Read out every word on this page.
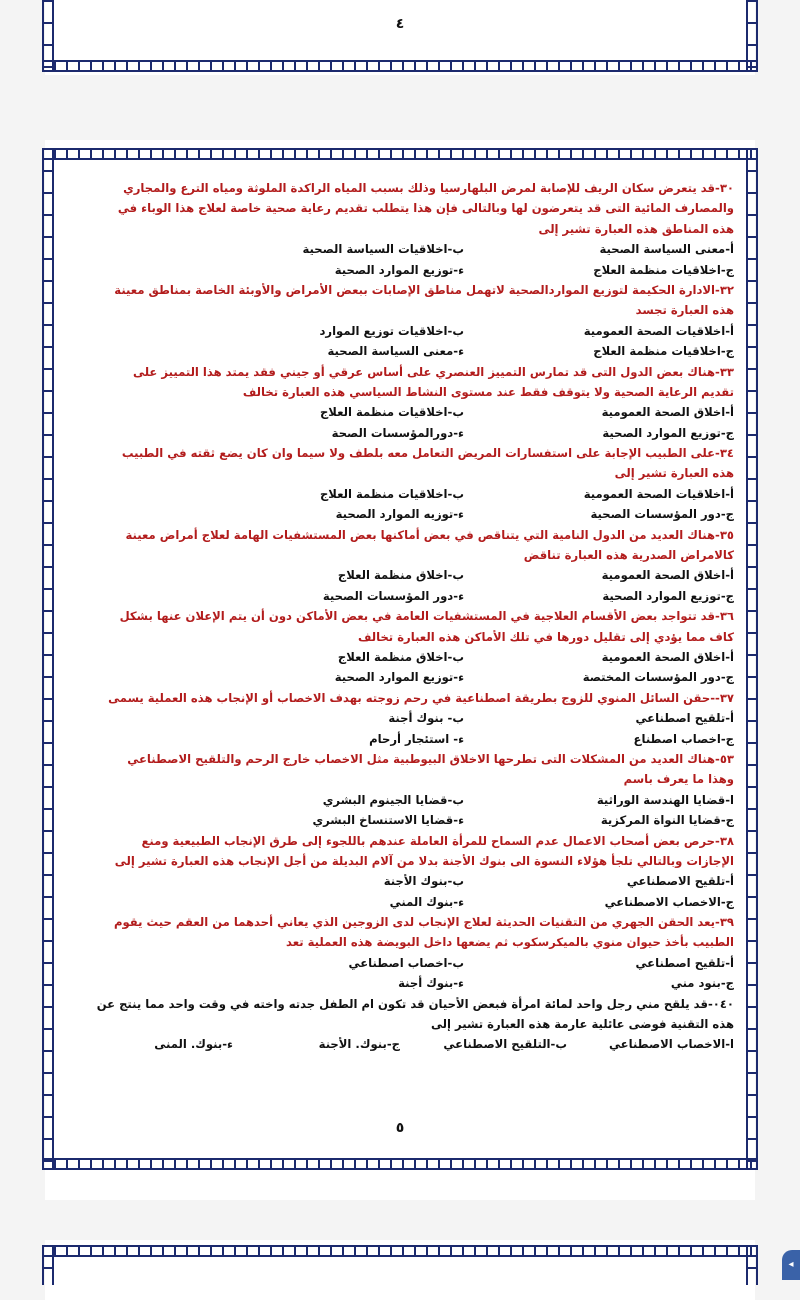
٤
٣٠-قد يتعرض سكان الريف للإصابة لمرض البلهارسيا وذلك بسبب المياه الراكدة الملوثة ومياه الترع والمجاري
والمصارف المائية التى قد يتعرضون لها وبالتالى فإن هذا يتطلب تقديم رعاية صحية خاصة لعلاج هذا الوباء في
هذه المناطق هذه العبارة تشير إلى
أ-معنى السياسة الصحية
ب-اخلاقيات السياسة الصحية
ج-اخلاقيات منظمة العلاج
ء-توزيع الموارد الصحية
٣٢-الادارة الحكيمة لتوزيع المواردالصحية لاتهمل مناطق الإصابات ببعض الأمراض والأوبئة الخاصة بمناطق معينة
هذه العبارة تجسد
أ-اخلاقيات الصحة العمومية
ب-اخلاقيات توزيع الموارد
ج-اخلاقيات منظمة العلاج
ء-معنى السياسة الصحية
٣٣-هناك بعض الدول التى قد تمارس التمييز العنصري على أساس عرقي أو جيني فقد يمتد هذا التمييز على
تقديم الرعاية الصحية ولا يتوقف فقط عند مستوى النشاط السياسي هذه العبارة تخالف
أ-اخلاق الصحة العمومية
ب-اخلاقيات منظمة العلاج
ج-توزيع الموارد الصحية
ء-دورالمؤسسات الصحة
٣٤-على الطبيب الإجابة على استفسارات المريض التعامل معه بلطف ولا سيما وان كان يضع ثقته في الطبيب
هذه العبارة تشير إلى
أ-اخلاقيات الصحة العمومية
ب-اخلاقيات منظمة العلاج
ج-دور المؤسسات الصحية
ء-توزيه الموارد الصحية
٣٥-هناك العديد من الدول النامية التي يتناقص في بعض أماكنها بعض المستشفيات الهامة لعلاج أمراض معينة
كالامراض الصدرية هذه العبارة تناقض
أ-اخلاق الصحة العمومية
ب-اخلاق منظمة العلاج
ج-توزيع الموارد الصحية
ء-دور المؤسسات الصحية
٣٦-قد تتواجد بعض الأقسام العلاجية في المستشفيات العامة في بعض الأماكن دون أن يتم الإعلان عنها بشكل
كاف مما يؤدي إلى تقليل دورها في تلك الأماكن هذه العبارة تخالف
أ-اخلاق الصحة العمومية
ب-اخلاق منظمة العلاج
ج-دور المؤسسات المختصة
ء-توزيع الموارد الصحية
٣٧--حقن السائل المنوي للزوج بطريقة اصطناعية في رحم زوجته بهدف الاخصاب أو الإنجاب هذه العملية يسمى
أ-تلقيح اصطناعي
ب- بنوك أجنة
ج-اخصاب اصطناع
ء- استئجار أرحام
٥٣-هناك العديد من المشكلات التى تطرحها الاخلاق البيوطبية مثل الاخصاب خارج الرحم والتلقيح الاصطناعي
وهذا ما يعرف باسم
ا-قضايا الهندسة الوراثية
ب-قضايا الجينوم البشري
ج-قضايا النواة المركزية
ء-قضايا الاستنساخ البشري
٣٨-حرص بعض أصحاب الاعمال عدم السماح للمرأة العاملة عندهم باللجوء إلى طرق الإنجاب الطبيعية ومنع
الإجازات وبالتالي تلجأ هؤلاء النسوة الى بنوك الأجنة بدلا من آلام البديلة من أجل الإنجاب هذه العبارة تشير إلى
أ-تلقيح الاصطناعي
ب-بنوك الأجنة
ج-الاخصاب الاصطناعي
ء-بنوك المني
٣٩-يعد الحقن الجهري من التقنيات الحديثة لعلاج الإنجاب لدى الزوجين الذي يعاني أحدهما من العقم حيث يقوم
الطبيب بأخذ حيوان منوي بالميكرسكوب ثم يضعها داخل البويضة هذه العملية تعد
أ-تلقيح اصطناعي
ب-اخصاب اصطناعي
ج-بنود مني
ء-بنوك أجنة
٠٤٠-قد يلقح مني رجل واحد لمائة امرأة فبعض الأحيان قد تكون ام الطفل جدته واخته في وقت واحد مما ينتج عن
هذه التقنية فوضى عائلية عارمة هذه العبارة تشير إلى
ا-الاخصاب الاصطناعي
ب-التلقيح الاصطناعي
ج-بنوك. الأجنة
ء-بنوك. المنى
٥
◂
